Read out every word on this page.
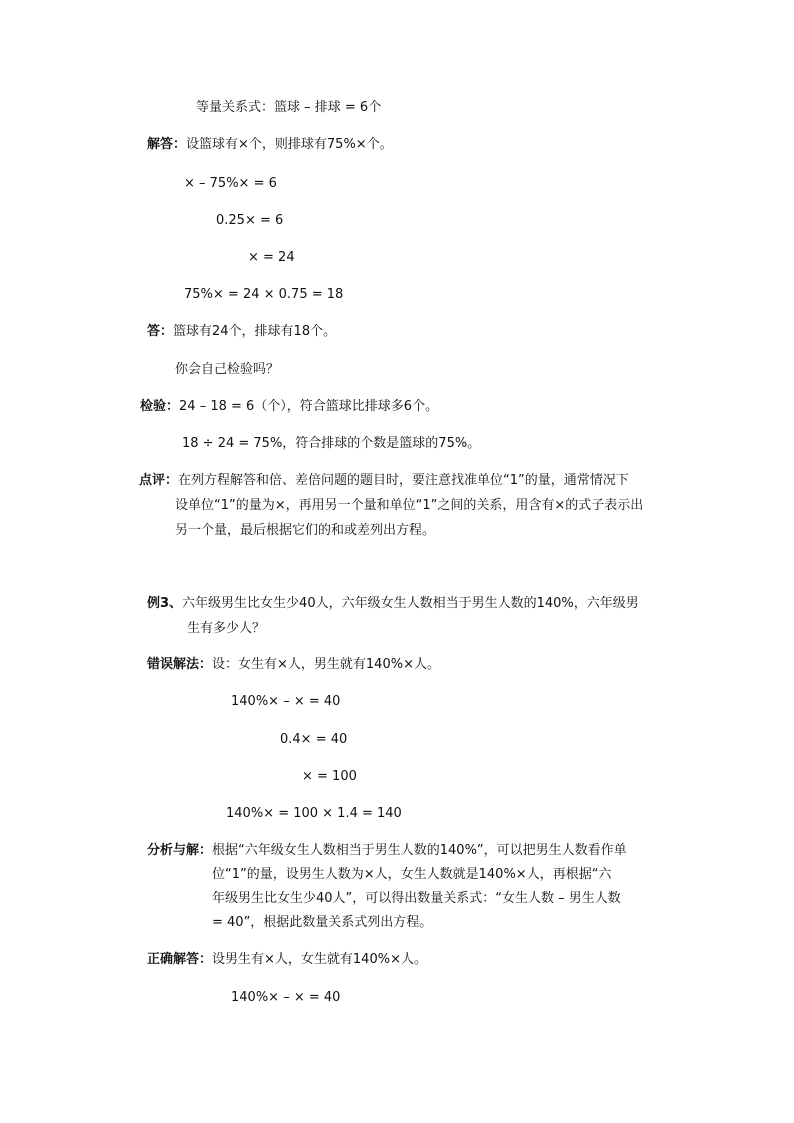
等量关系式：篮球 – 排球 = 6个
解答：设篮球有×个，则排球有75%×个。
× – 75%× = 6
0.25× = 6
× = 24
75%× = 24 × 0.75 = 18
答：篮球有24个，排球有18个。
你会自己检验吗？
检验：24 – 18 = 6（个），符合篮球比排球多6个。
18 ÷ 24 = 75%，符合排球的个数是篮球的75%。
点评：在列方程解答和倍、差倍问题的题目时，要注意找准单位“1”的量，通常情况下
设单位“1”的量为×，再用另一个量和单位“1”之间的关系，用含有×的式子表示出
另一个量，最后根据它们的和或差列出方程。
例3、六年级男生比女生少40人，六年级女生人数相当于男生人数的140%，六年级男
生有多少人？
错误解法：设：女生有×人，男生就有140%×人。
140%× – × = 40
0.4× = 40
× = 100
140%× = 100 × 1.4 = 140
分析与解：根据“六年级女生人数相当于男生人数的140%”，可以把男生人数看作单
位“1”的量，设男生人数为×人，女生人数就是140%×人，再根据“六
年级男生比女生少40人”，可以得出数量关系式：“女生人数 – 男生人数
= 40”，根据此数量关系式列出方程。
正确解答：设男生有×人，女生就有140%×人。
140%× – × = 40
